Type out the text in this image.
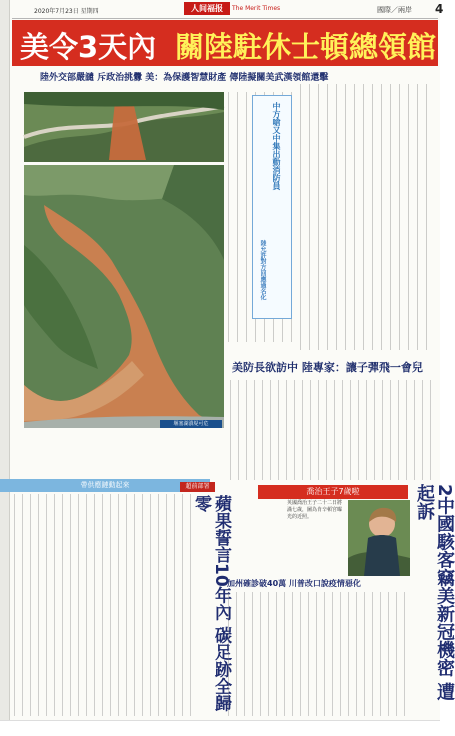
2020年7月23日 星期四	人间福报	The Merit Times	國際／兩岸 4
美令3天內 關陸駐休士頓總領館
陸外交部嚴譴 斥政治挑釁 美：為保護智慧財產 傳陸擬關美武漢領館還擊
堰塞湖潰堤可危
中方嗆又中集出動消防員
陸允許對方回應過名化
美防長欲訪中 陸專家：讓子彈飛一會兒
帶供應鏈動起來	超前部署
蘋果誓言10年內 碳足跡全歸零
喬治王子7歲啦
英國喬治王子二十二日將滿七歲，圖為肯辛頓宮曝光的近照。
加州確診破40萬 川普改口說疫情惡化	2中國駭客竊美新冠機密 遭起訴
